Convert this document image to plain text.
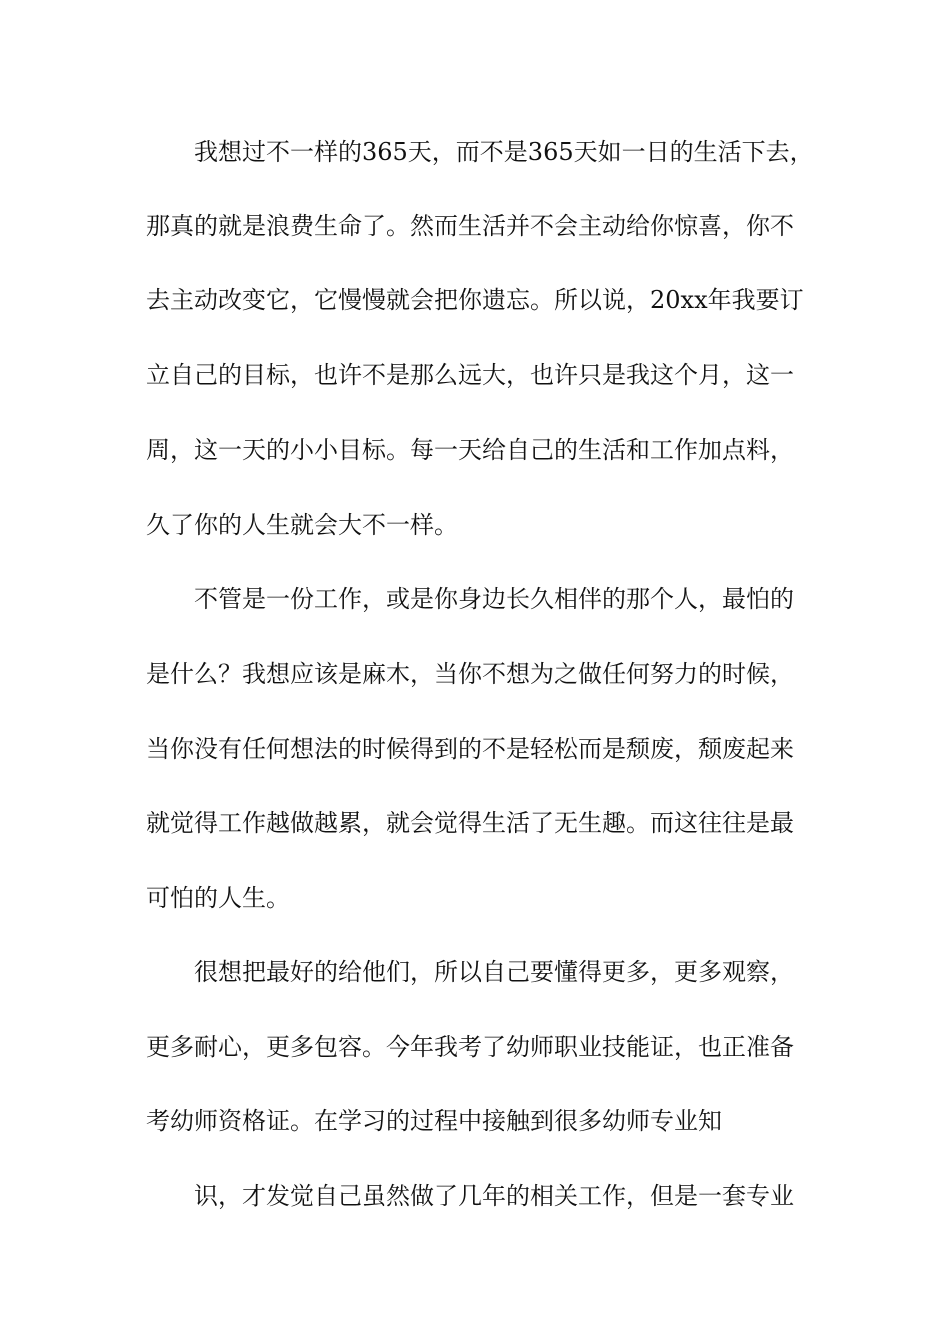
我想过不一样的365天，而不是365天如一日的生活下去，

那真的就是浪费生命了。然而生活并不会主动给你惊喜，你不

去主动改变它，它慢慢就会把你遗忘。所以说，20xx年我要订

立自己的目标，也许不是那么远大，也许只是我这个月，这一

周，这一天的小小目标。每一天给自己的生活和工作加点料，

久了你的人生就会大不一样。

不管是一份工作，或是你身边长久相伴的那个人，最怕的

是什么？我想应该是麻木，当你不想为之做任何努力的时候，

当你没有任何想法的时候得到的不是轻松而是颓废，颓废起来

就觉得工作越做越累，就会觉得生活了无生趣。而这往往是最

可怕的人生。

很想把最好的给他们，所以自己要懂得更多，更多观察，

更多耐心，更多包容。今年我考了幼师职业技能证，也正准备

考幼师资格证。在学习的过程中接触到很多幼师专业知

识，才发觉自己虽然做了几年的相关工作，但是一套专业
